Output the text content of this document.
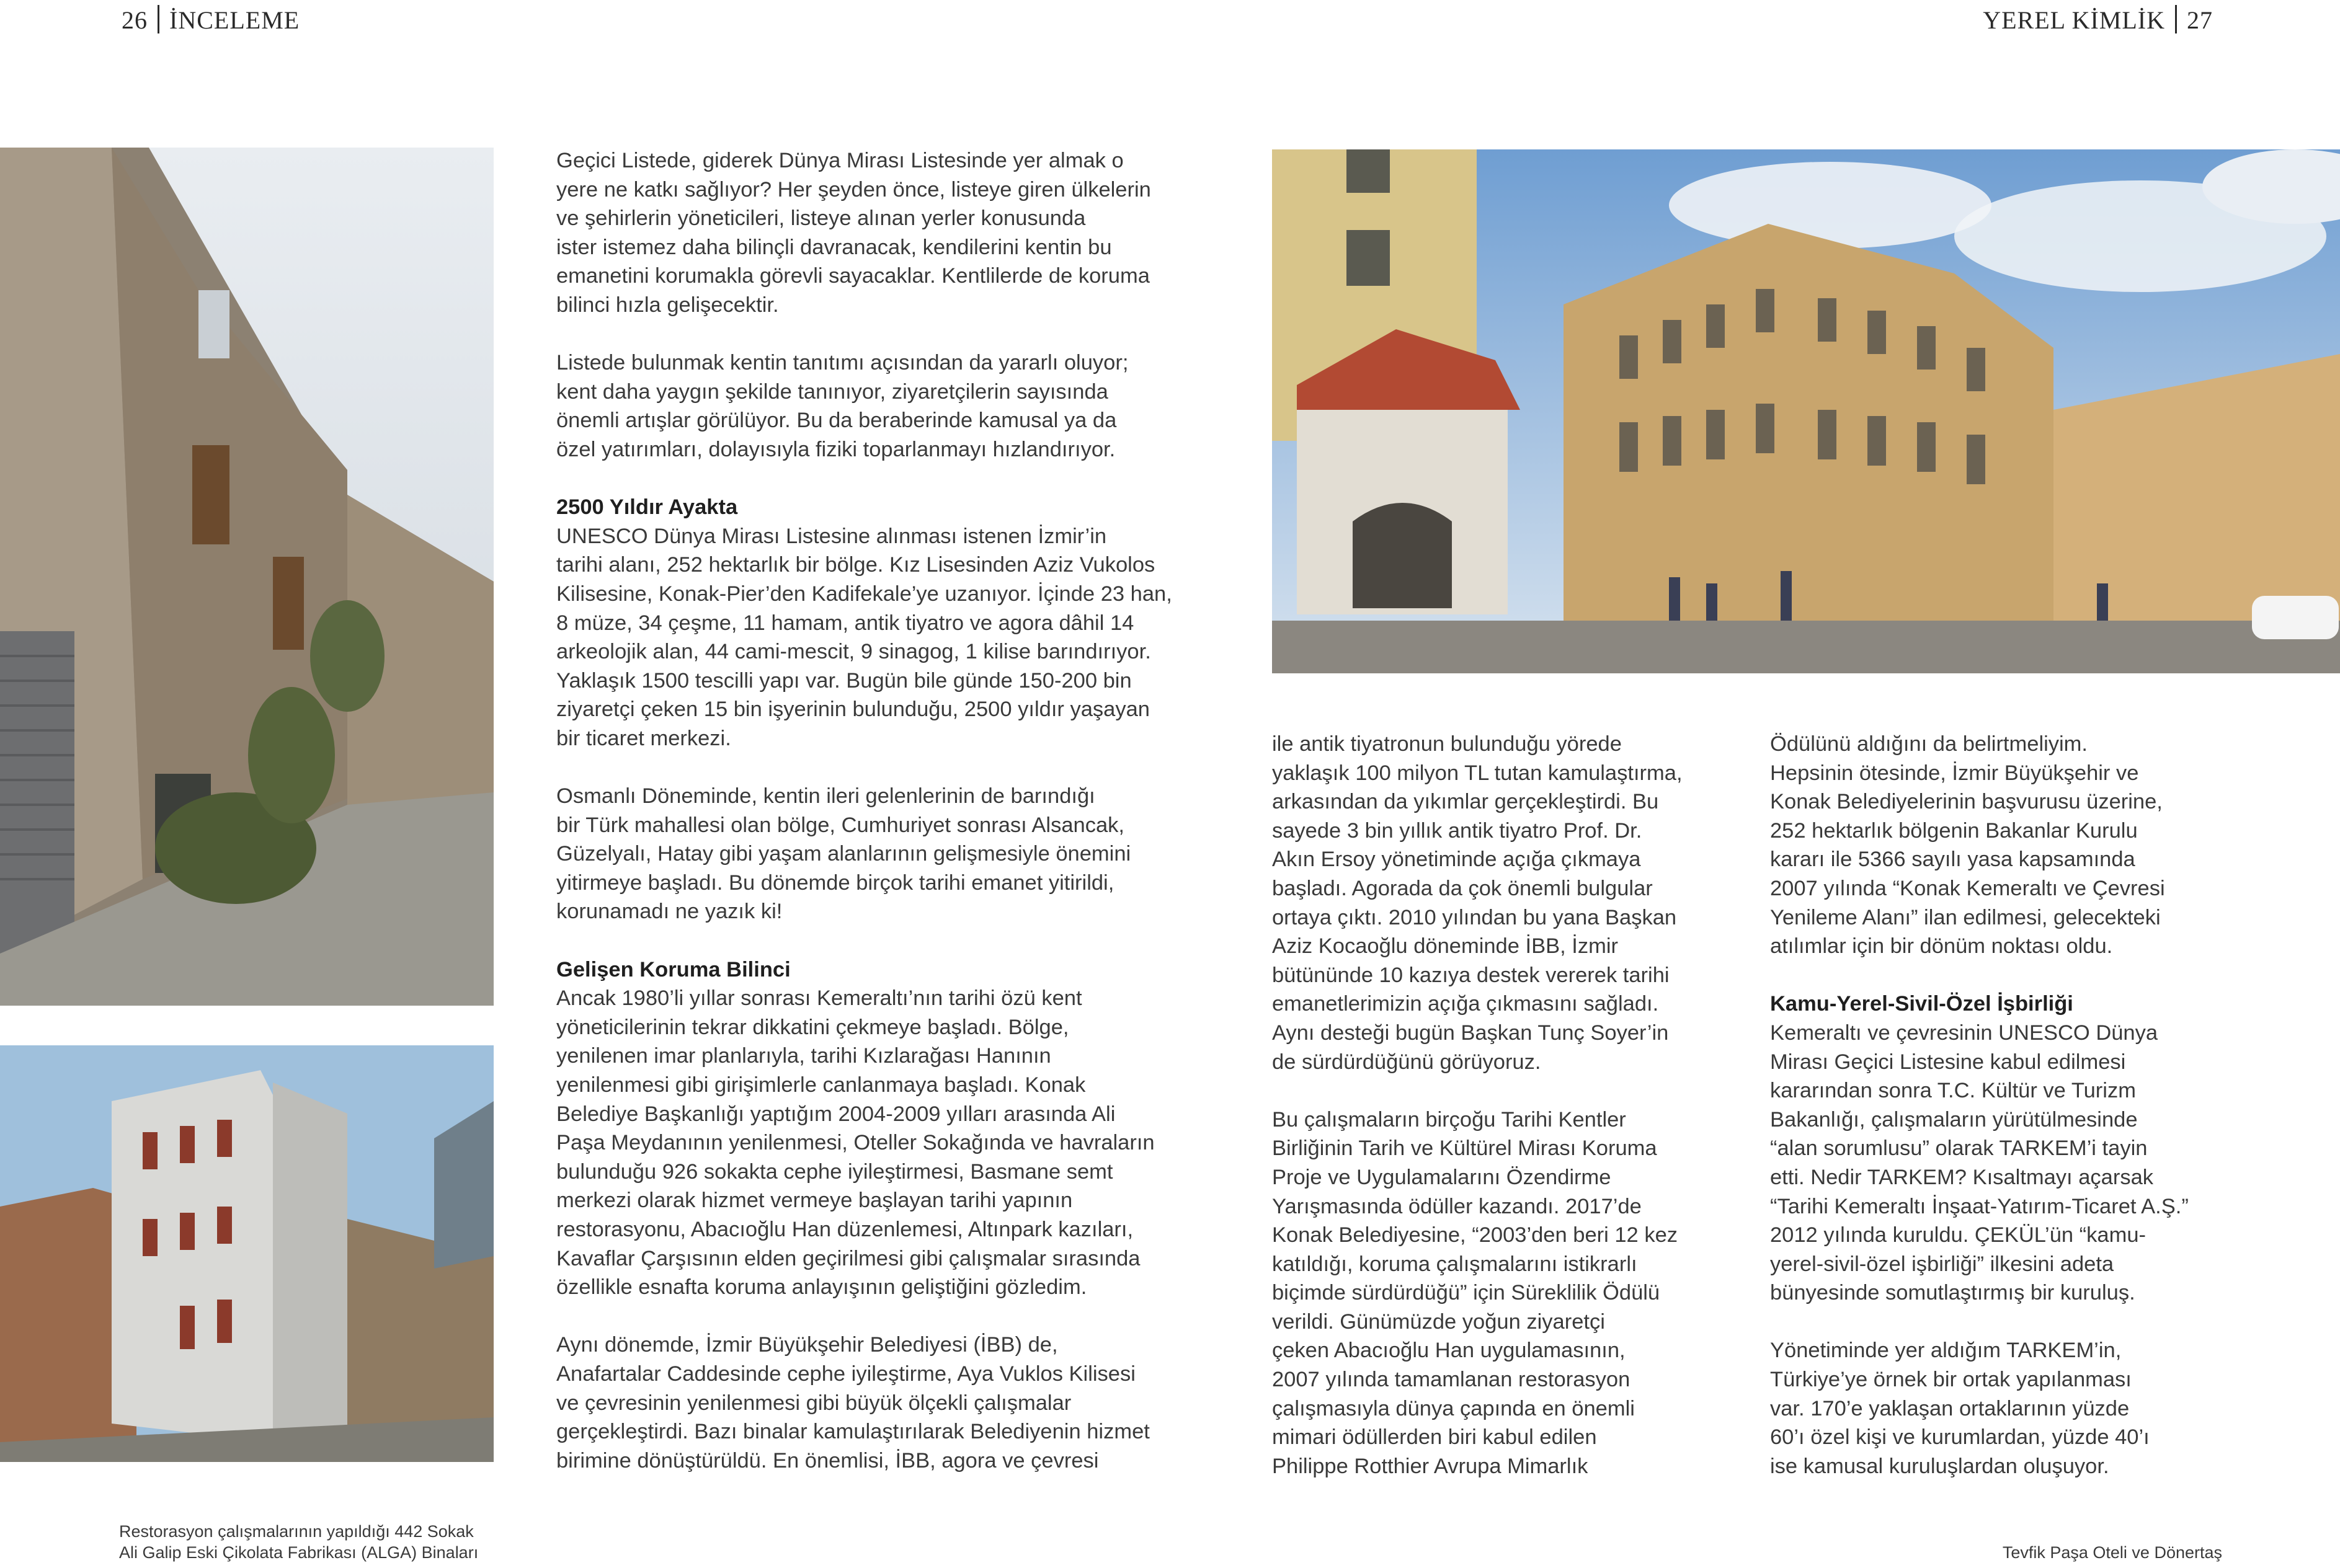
26 İNCELEME	YEREL KİMLİK 27

Geçici Listede, giderek Dünya Mirası Listesinde yer almak o
yere ne katkı sağlıyor? Her şeyden önce, listeye giren ülkelerin
ve şehirlerin yöneticileri, listeye alınan yerler konusunda
ister istemez daha bilinçli davranacak, kendilerini kentin bu
emanetini korumakla görevli sayacaklar. Kentlilerde de koruma
bilinci hızla gelişecektir.

Listede bulunmak kentin tanıtımı açısından da yararlı oluyor;
kent daha yaygın şekilde tanınıyor, ziyaretçilerin sayısında
önemli artışlar görülüyor. Bu da beraberinde kamusal ya da
özel yatırımları, dolayısıyla fiziki toparlanmayı hızlandırıyor.

2500 Yıldır Ayakta

UNESCO Dünya Mirası Listesine alınması istenen İzmir’in
tarihi alanı, 252 hektarlık bir bölge. Kız Lisesinden Aziz Vukolos
Kilisesine, Konak-Pier’den Kadifekale’ye uzanıyor. İçinde 23 han,
8 müze, 34 çeşme, 11 hamam, antik tiyatro ve agora dâhil 14
arkeolojik alan, 44 cami-mescit, 9 sinagog, 1 kilise barındırıyor.
Yaklaşık 1500 tescilli yapı var. Bugün bile günde 150-200 bin
ziyaretçi çeken 15 bin işyerinin bulunduğu, 2500 yıldır yaşayan
bir ticaret merkezi.

Osmanlı Döneminde, kentin ileri gelenlerinin de barındığı
bir Türk mahallesi olan bölge, Cumhuriyet sonrası Alsancak,
Güzelyalı, Hatay gibi yaşam alanlarının gelişmesiyle önemini
yitirmeye başladı. Bu dönemde birçok tarihi emanet yitirildi,
korunamadı ne yazık ki!

Gelişen Koruma Bilinci

Ancak 1980’li yıllar sonrası Kemeraltı’nın tarihi özü kent
yöneticilerinin tekrar dikkatini çekmeye başladı. Bölge,
yenilenen imar planlarıyla, tarihi Kızlarağası Hanının
yenilenmesi gibi girişimlerle canlanmaya başladı. Konak
Belediye Başkanlığı yaptığım 2004-2009 yılları arasında Ali
Paşa Meydanının yenilenmesi, Oteller Sokağında ve havraların
bulunduğu 926 sokakta cephe iyileştirmesi, Basmane semt
merkezi olarak hizmet vermeye başlayan tarihi yapının
restorasyonu, Abacıoğlu Han düzenlemesi, Altınpark kazıları,
Kavaflar Çarşısının elden geçirilmesi gibi çalışmalar sırasında
özellikle esnafta koruma anlayışının geliştiğini gözledim.

Aynı dönemde, İzmir Büyükşehir Belediyesi (İBB) de,
Anafartalar Caddesinde cephe iyileştirme, Aya Vuklos Kilisesi
ve çevresinin yenilenmesi gibi büyük ölçekli çalışmalar
gerçekleştirdi. Bazı binalar kamulaştırılarak Belediyenin hizmet
birimine dönüştürüldü. En önemlisi, İBB, agora ve çevresi

ile antik tiyatronun bulunduğu yörede
yaklaşık 100 milyon TL tutan kamulaştırma,
arkasından da yıkımlar gerçekleştirdi. Bu
sayede 3 bin yıllık antik tiyatro Prof. Dr.
Akın Ersoy yönetiminde açığa çıkmaya
başladı. Agorada da çok önemli bulgular
ortaya çıktı. 2010 yılından bu yana Başkan
Aziz Kocaoğlu döneminde İBB, İzmir
bütününde 10 kazıya destek vererek tarihi
emanetlerimizin açığa çıkmasını sağladı.
Aynı desteği bugün Başkan Tunç Soyer’in
de sürdürdüğünü görüyoruz.

Bu çalışmaların birçoğu Tarihi Kentler
Birliğinin Tarih ve Kültürel Mirası Koruma
Proje ve Uygulamalarını Özendirme
Yarışmasında ödüller kazandı. 2017’de
Konak Belediyesine, “2003’den beri 12 kez
katıldığı, koruma çalışmalarını istikrarlı
biçimde sürdürdüğü” için Süreklilik Ödülü
verildi. Günümüzde yoğun ziyaretçi
çeken Abacıoğlu Han uygulamasının,
2007 yılında tamamlanan restorasyon
çalışmasıyla dünya çapında en önemli
mimari ödüllerden biri kabul edilen
Philippe Rotthier Avrupa Mimarlık

Ödülünü aldığını da belirtmeliyim.
Hepsinin ötesinde, İzmir Büyükşehir ve
Konak Belediyelerinin başvurusu üzerine,
252 hektarlık bölgenin Bakanlar Kurulu
kararı ile 5366 sayılı yasa kapsamında
2007 yılında “Konak Kemeraltı ve Çevresi
Yenileme Alanı” ilan edilmesi, gelecekteki
atılımlar için bir dönüm noktası oldu.

Kamu-Yerel-Sivil-Özel İşbirliği

Kemeraltı ve çevresinin UNESCO Dünya
Mirası Geçici Listesine kabul edilmesi
kararından sonra T.C. Kültür ve Turizm
Bakanlığı, çalışmaların yürütülmesinde
“alan sorumlusu” olarak TARKEM’i tayin
etti. Nedir TARKEM? Kısaltmayı açarsak
“Tarihi Kemeraltı İnşaat-Yatırım-Ticaret A.Ş.”
2012 yılında kuruldu. ÇEKÜL’ün “kamu-
yerel-sivil-özel işbirliği” ilkesini adeta
bünyesinde somutlaştırmış bir kuruluş.

Yönetiminde yer aldığım TARKEM’in,
Türkiye’ye örnek bir ortak yapılanması
var. 170’e yaklaşan ortaklarının yüzde
60’ı özel kişi ve kurumlardan, yüzde 40’ı
ise kamusal kuruluşlardan oluşuyor.

Restorasyon çalışmalarının yapıldığı 442 Sokak
Ali Galip Eski Çikolata Fabrikası (ALGA) Binaları	Tevfik Paşa Oteli ve Dönertaş
